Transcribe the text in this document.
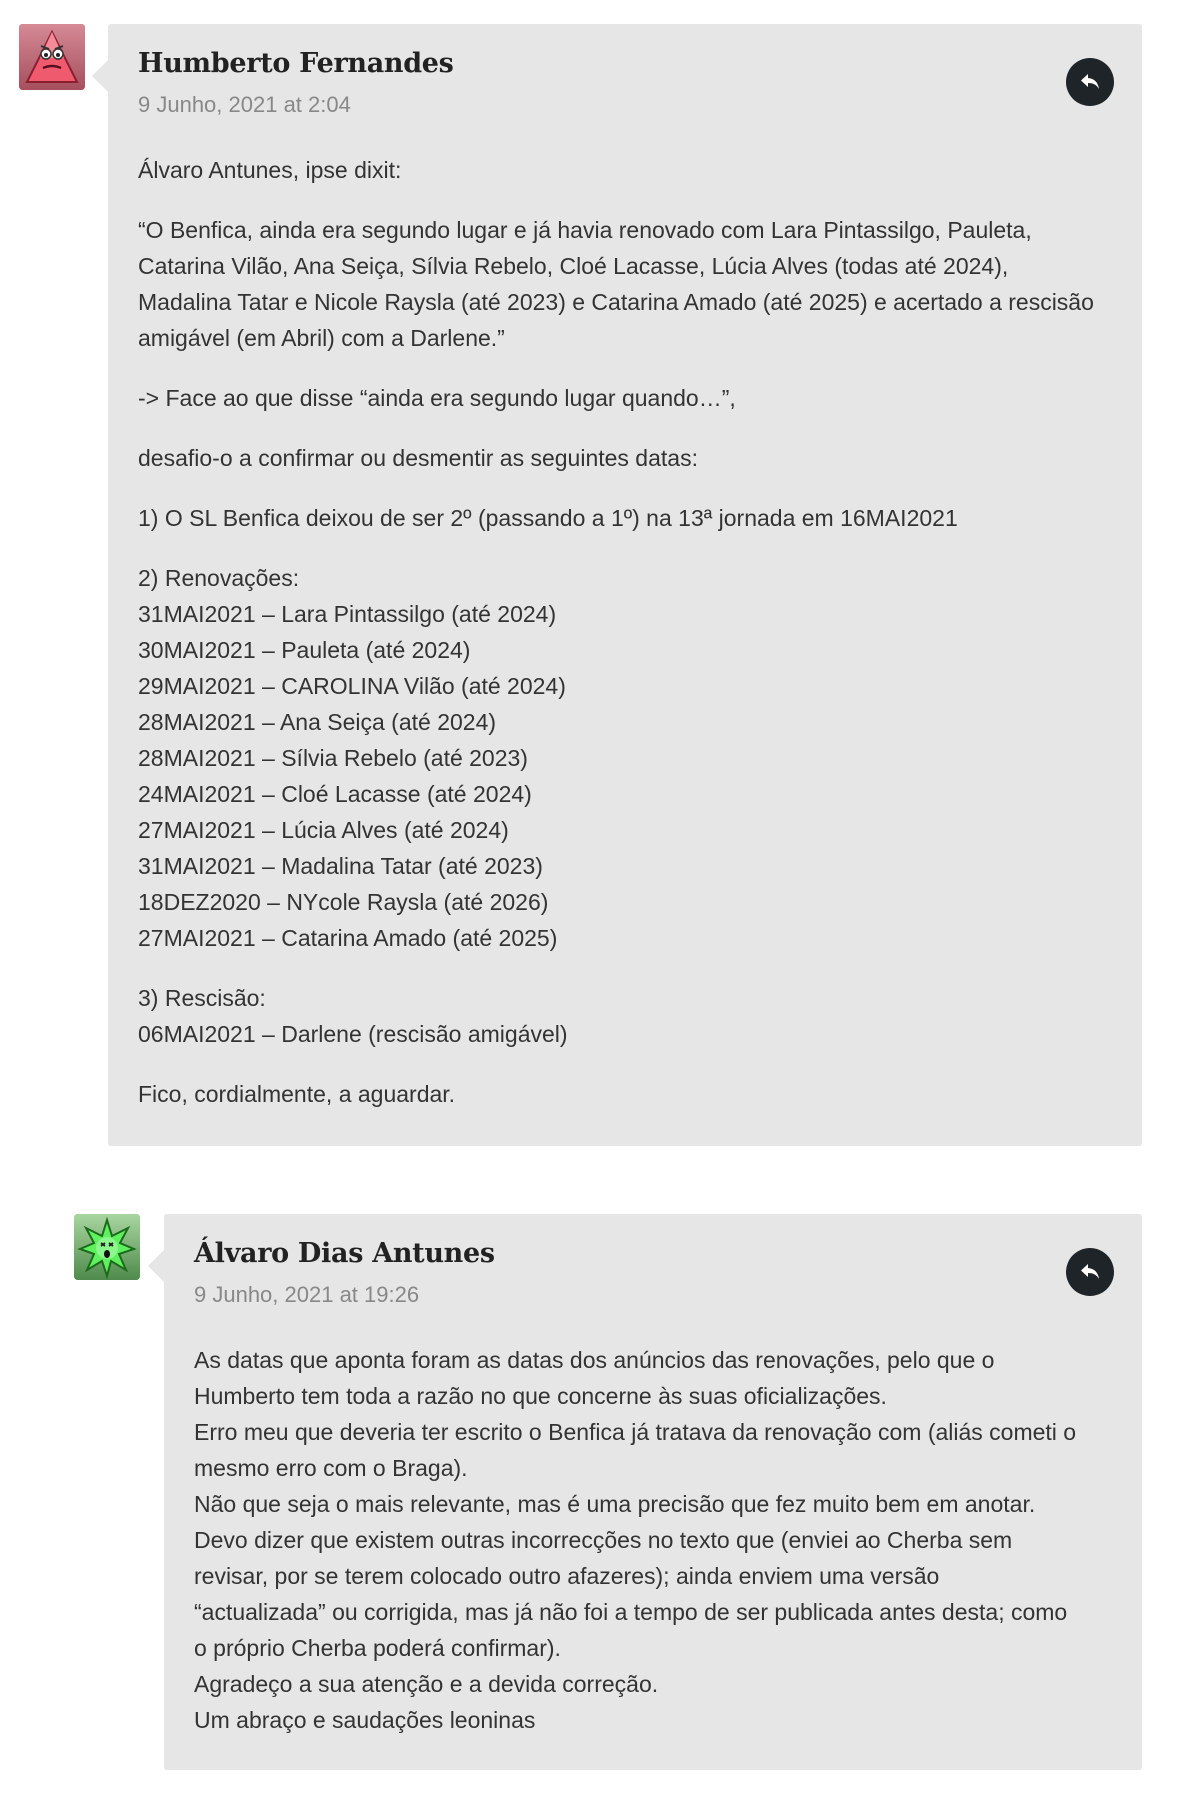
Humberto Fernandes
9 Junho, 2021 at 2:04

Álvaro Antunes, ipse dixit:

“O Benfica, ainda era segundo lugar e já havia renovado com Lara Pintassilgo, Pauleta, Catarina Vilão, Ana Seiça, Sílvia Rebelo, Cloé Lacasse, Lúcia Alves (todas até 2024), Madalina Tatar e Nicole Raysla (até 2023) e Catarina Amado (até 2025) e acertado a rescisão amigável (em Abril) com a Darlene.”

-> Face ao que disse “ainda era segundo lugar quando…”,

desafio-o a confirmar ou desmentir as seguintes datas:

1) O SL Benfica deixou de ser 2º (passando a 1º) na 13ª jornada em 16MAI2021

2) Renovações:
31MAI2021 – Lara Pintassilgo (até 2024)
30MAI2021 – Pauleta (até 2024)
29MAI2021 – CAROLINA Vilão (até 2024)
28MAI2021 – Ana Seiça (até 2024)
28MAI2021 – Sílvia Rebelo (até 2023)
24MAI2021 – Cloé Lacasse (até 2024)
27MAI2021 – Lúcia Alves (até 2024)
31MAI2021 – Madalina Tatar (até 2023)
18DEZ2020 – NYcole Raysla (até 2026)
27MAI2021 – Catarina Amado (até 2025)

3) Rescisão:
06MAI2021 – Darlene (rescisão amigável)

Fico, cordialmente, a aguardar.

Álvaro Dias Antunes
9 Junho, 2021 at 19:26
As datas que aponta foram as datas dos anúncios das renovações, pelo que o
Humberto tem toda a razão no que concerne às suas oficializações.
Erro meu que deveria ter escrito o Benfica já tratava da renovação com (aliás cometi o
mesmo erro com o Braga).
Não que seja o mais relevante, mas é uma precisão que fez muito bem em anotar.
Devo dizer que existem outras incorrecções no texto que (enviei ao Cherba sem
revisar, por se terem colocado outro afazeres); ainda enviem uma versão
“actualizada” ou corrigida, mas já não foi a tempo de ser publicada antes desta; como
o próprio Cherba poderá confirmar).
Agradeço a sua atenção e a devida correção.
Um abraço e saudações leoninas
